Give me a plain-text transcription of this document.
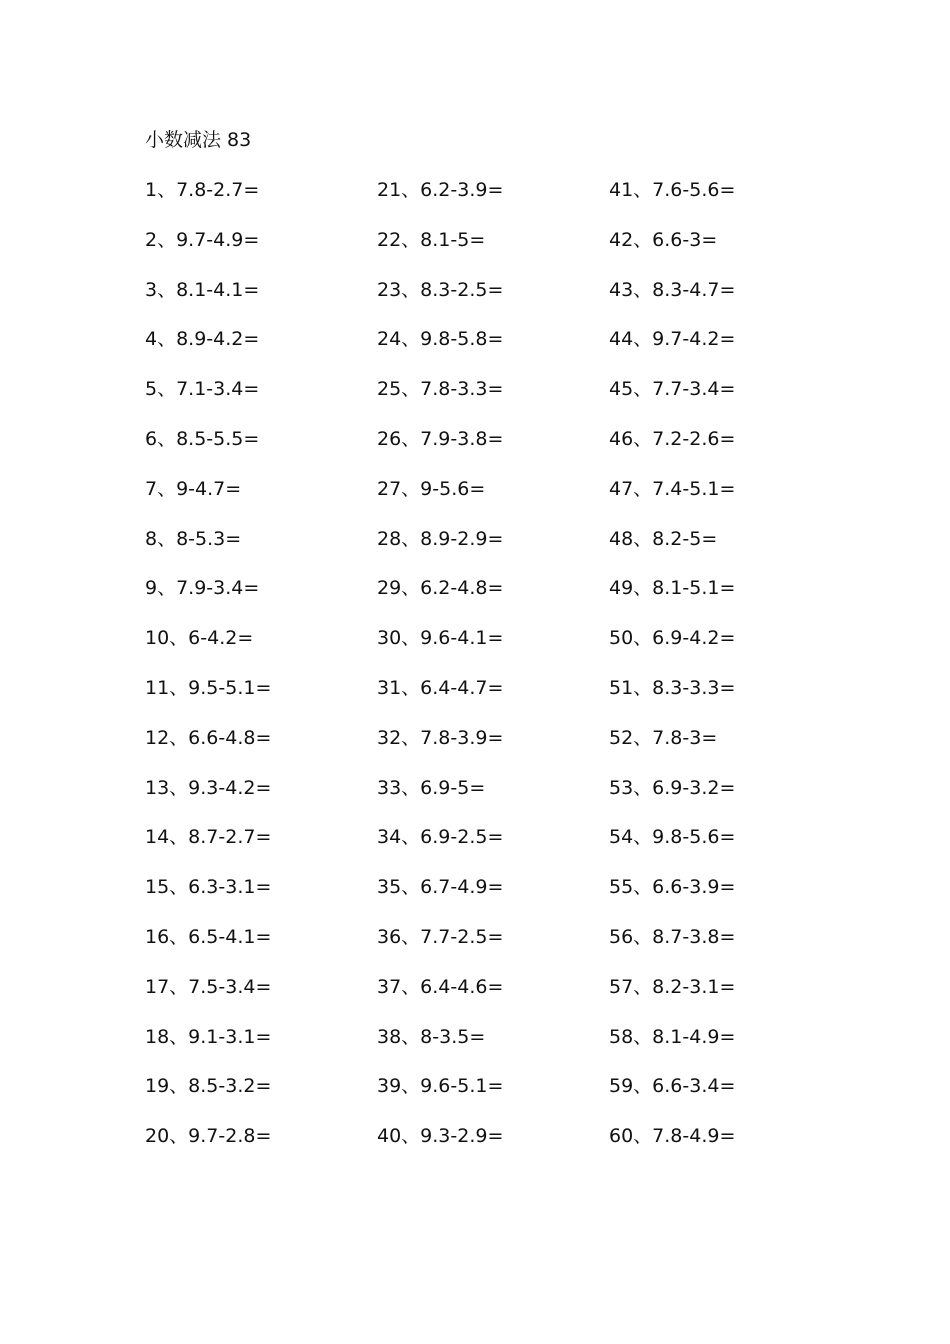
小数减法 83
1、7.8-2.7=
2、9.7-4.9=
3、8.1-4.1=
4、8.9-4.2=
5、7.1-3.4=
6、8.5-5.5=
7、9-4.7=
8、8-5.3=
9、7.9-3.4=
10、6-4.2=
11、9.5-5.1=
12、6.6-4.8=
13、9.3-4.2=
14、8.7-2.7=
15、6.3-3.1=
16、6.5-4.1=
17、7.5-3.4=
18、9.1-3.1=
19、8.5-3.2=
20、9.7-2.8=
21、6.2-3.9=
22、8.1-5=
23、8.3-2.5=
24、9.8-5.8=
25、7.8-3.3=
26、7.9-3.8=
27、9-5.6=
28、8.9-2.9=
29、6.2-4.8=
30、9.6-4.1=
31、6.4-4.7=
32、7.8-3.9=
33、6.9-5=
34、6.9-2.5=
35、6.7-4.9=
36、7.7-2.5=
37、6.4-4.6=
38、8-3.5=
39、9.6-5.1=
40、9.3-2.9=
41、7.6-5.6=
42、6.6-3=
43、8.3-4.7=
44、9.7-4.2=
45、7.7-3.4=
46、7.2-2.6=
47、7.4-5.1=
48、8.2-5=
49、8.1-5.1=
50、6.9-4.2=
51、8.3-3.3=
52、7.8-3=
53、6.9-3.2=
54、9.8-5.6=
55、6.6-3.9=
56、8.7-3.8=
57、8.2-3.1=
58、8.1-4.9=
59、6.6-3.4=
60、7.8-4.9=
